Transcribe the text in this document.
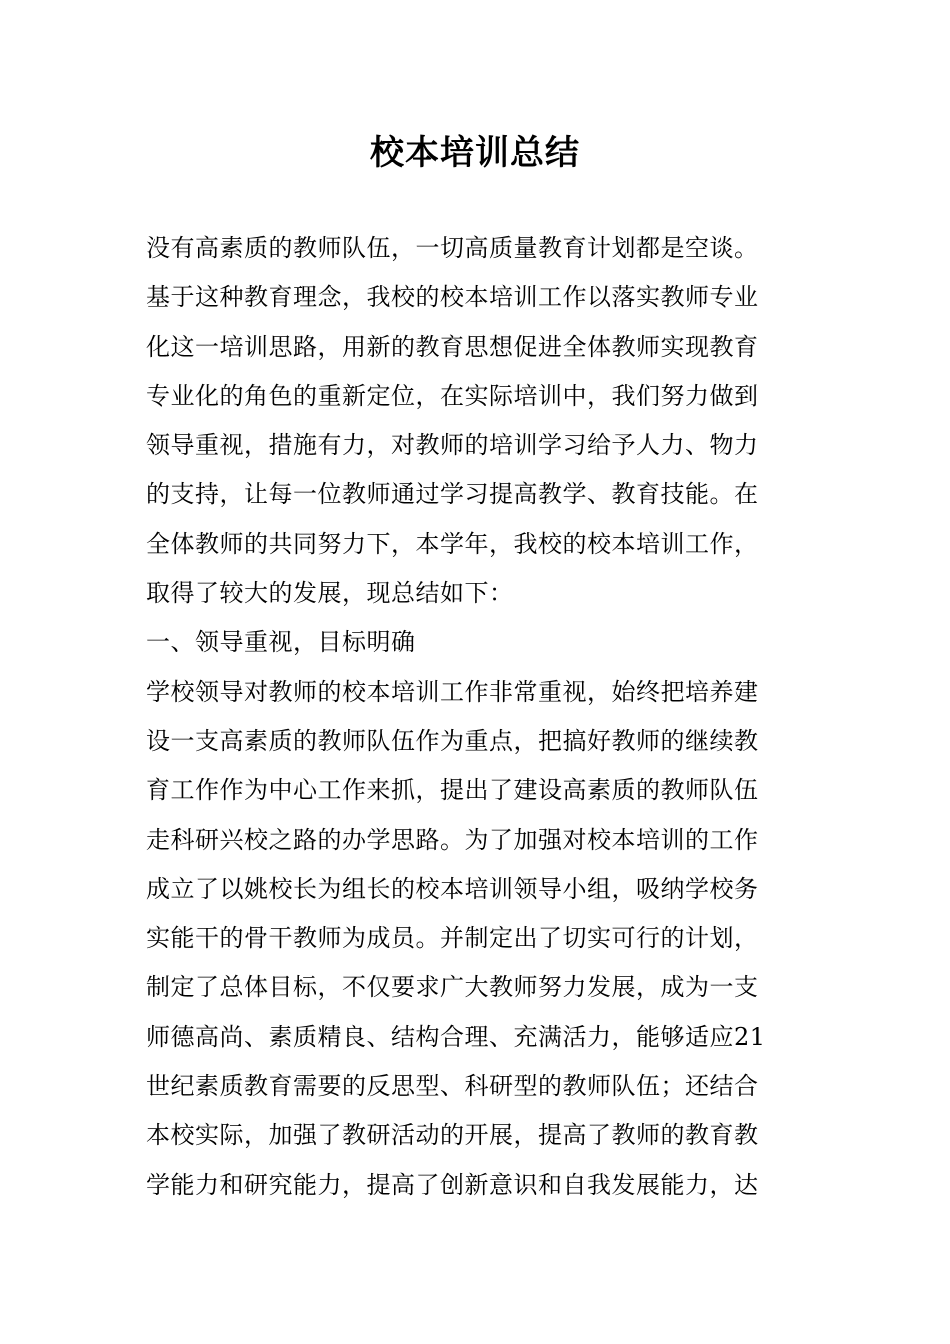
校本培训总结
没有高素质的教师队伍，一切高质量教育计划都是空谈。
基于这种教育理念，我校的校本培训工作以落实教师专业
化这一培训思路，用新的教育思想促进全体教师实现教育
专业化的角色的重新定位，在实际培训中，我们努力做到
领导重视，措施有力，对教师的培训学习给予人力、物力
的支持，让每一位教师通过学习提高教学、教育技能。在
全体教师的共同努力下，本学年，我校的校本培训工作，
取得了较大的发展，现总结如下：
一、领导重视，目标明确
学校领导对教师的校本培训工作非常重视，始终把培养建
设一支高素质的教师队伍作为重点，把搞好教师的继续教
育工作作为中心工作来抓，提出了建设高素质的教师队伍
走科研兴校之路的办学思路。为了加强对校本培训的工作
成立了以姚校长为组长的校本培训领导小组，吸纳学校务
实能干的骨干教师为成员。并制定出了切实可行的计划，
制定了总体目标，不仅要求广大教师努力发展，成为一支
师德高尚、素质精良、结构合理、充满活力，能够适应21
世纪素质教育需要的反思型、科研型的教师队伍；还结合
本校实际，加强了教研活动的开展，提高了教师的教育教
学能力和研究能力，提高了创新意识和自我发展能力，达
